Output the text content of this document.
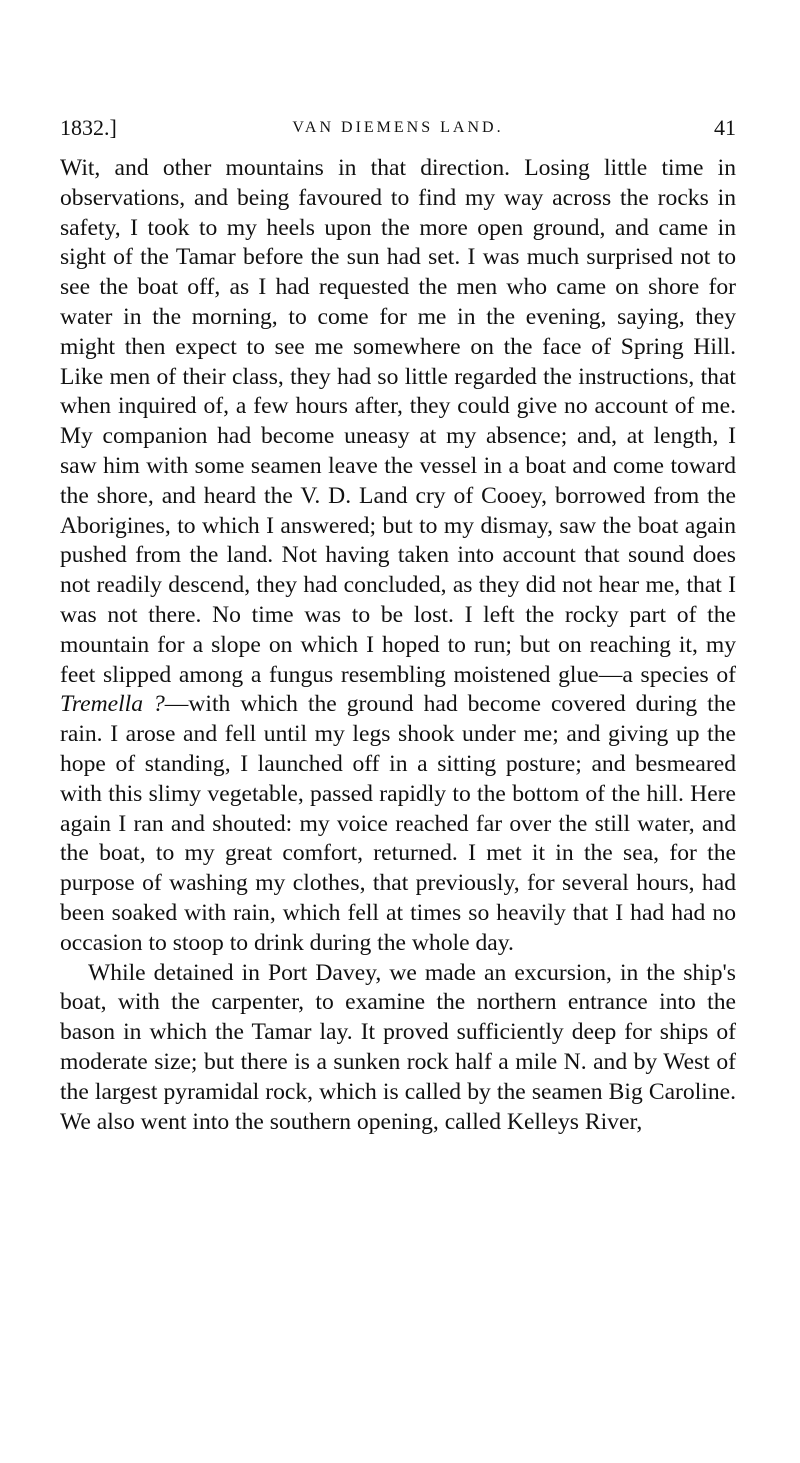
1832.]	VAN DIEMENS LAND.	41

Wit, and other mountains in that direction. Losing little time in observations, and being favoured to find my way across the rocks in safety, I took to my heels upon the more open ground, and came in sight of the Tamar before the sun had set. I was much surprised not to see the boat off, as I had requested the men who came on shore for water in the morning, to come for me in the evening, saying, they might then expect to see me somewhere on the face of Spring Hill. Like men of their class, they had so little regarded the instructions, that when inquired of, a few hours after, they could give no account of me. My companion had become uneasy at my absence; and, at length, I saw him with some seamen leave the vessel in a boat and come toward the shore, and heard the V. D. Land cry of Cooey, borrowed from the Aborigines, to which I answered; but to my dismay, saw the boat again pushed from the land. Not having taken into account that sound does not readily descend, they had concluded, as they did not hear me, that I was not there. No time was to be lost. I left the rocky part of the mountain for a slope on which I hoped to run; but on reaching it, my feet slipped among a fungus resembling moistened glue—a species of Tremella ?—with which the ground had become covered during the rain. I arose and fell until my legs shook under me; and giving up the hope of standing, I launched off in a sitting posture; and besmeared with this slimy vegetable, passed rapidly to the bottom of the hill. Here again I ran and shouted: my voice reached far over the still water, and the boat, to my great comfort, returned. I met it in the sea, for the purpose of washing my clothes, that previously, for several hours, had been soaked with rain, which fell at times so heavily that I had had no occasion to stoop to drink during the whole day.

While detained in Port Davey, we made an excursion, in the ship's boat, with the carpenter, to examine the northern entrance into the bason in which the Tamar lay. It proved sufficiently deep for ships of moderate size; but there is a sunken rock half a mile N. and by West of the largest pyramidal rock, which is called by the seamen Big Caroline. We also went into the southern opening, called Kelleys River,
